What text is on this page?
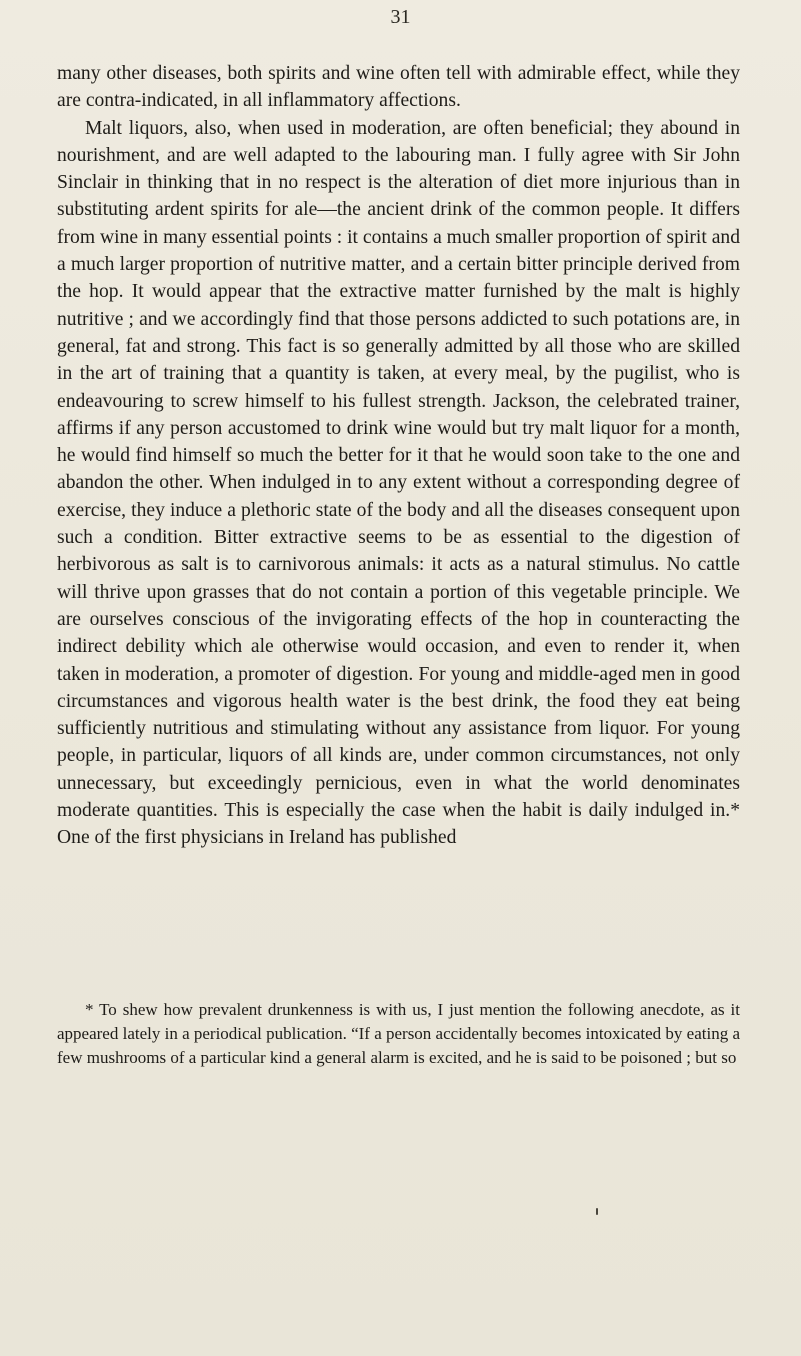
31

many other diseases, both spirits and wine often tell with admirable effect, while they are contra-indicated, in all inflammatory affections.

Malt liquors, also, when used in moderation, are often beneficial; they abound in nourishment, and are well adapted to the labouring man. I fully agree with Sir John Sinclair in thinking that in no respect is the alteration of diet more injurious than in substituting ardent spirits for ale—the ancient drink of the common people. It differs from wine in many essential points : it contains a much smaller proportion of spirit and a much larger proportion of nutritive matter, and a certain bitter principle derived from the hop. It would appear that the extractive matter furnished by the malt is highly nutritive ; and we accordingly find that those persons addicted to such potations are, in general, fat and strong. This fact is so generally admitted by all those who are skilled in the art of training that a quantity is taken, at every meal, by the pugilist, who is endeavouring to screw himself to his fullest strength. Jackson, the celebrated trainer, affirms if any person accustomed to drink wine would but try malt liquor for a month, he would find himself so much the better for it that he would soon take to the one and abandon the other. When indulged in to any extent without a corresponding degree of exercise, they induce a plethoric state of the body and all the diseases consequent upon such a condition. Bitter extractive seems to be as essential to the digestion of herbivorous as salt is to carnivorous animals: it acts as a natural stimulus. No cattle will thrive upon grasses that do not contain a portion of this vegetable principle. We are ourselves conscious of the invigorating effects of the hop in counteracting the indirect debility which ale otherwise would occasion, and even to render it, when taken in moderation, a promoter of digestion. For young and middle-aged men in good circumstances and vigorous health water is the best drink, the food they eat being sufficiently nutritious and stimulating without any assistance from liquor. For young people, in particular, liquors of all kinds are, under common circumstances, not only unnecessary, but exceedingly pernicious, even in what the world denominates moderate quantities. This is especially the case when the habit is daily indulged in.* One of the first physicians in Ireland has published

* To shew how prevalent drunkenness is with us, I just mention the following anecdote, as it appeared lately in a periodical publication. “If a person accidentally becomes intoxicated by eating a few mushrooms of a particular kind a general alarm is excited, and he is said to be poisoned ; but so
